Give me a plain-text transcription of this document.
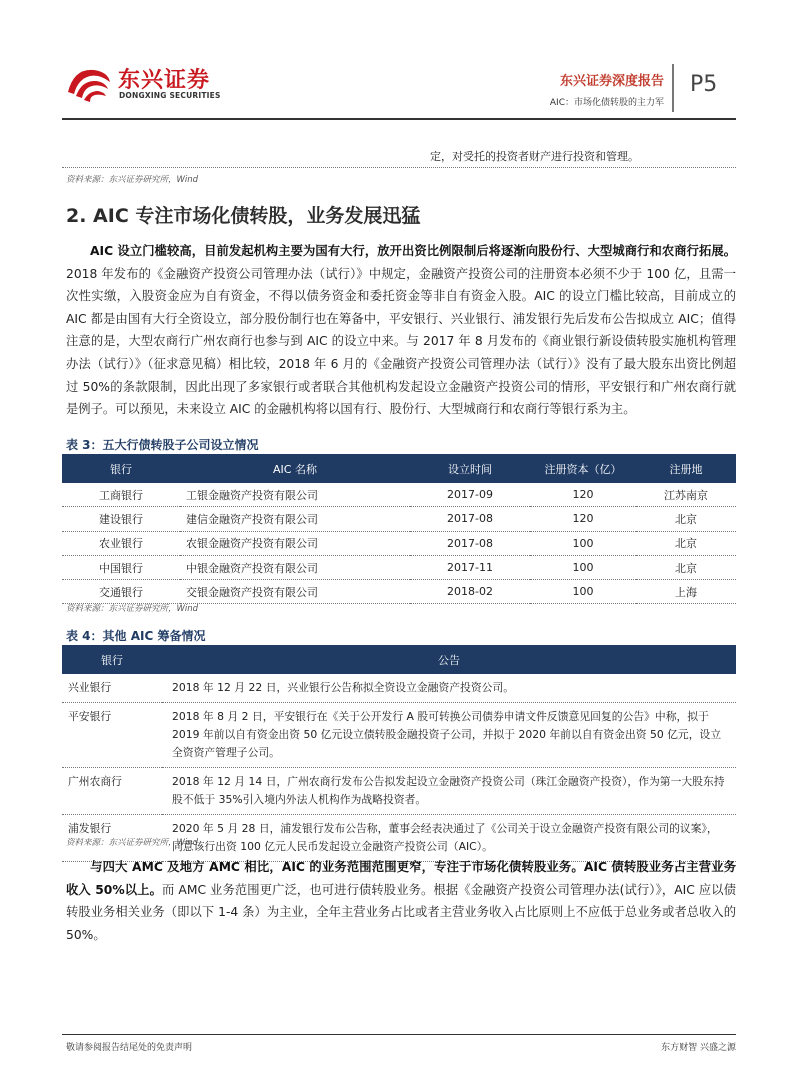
东兴证券
DONGXING SECURITIES
东兴证券深度报告
AIC：市场化债转股的主力军
P5
定，对受托的投资者财产进行投资和管理。
资料来源：东兴证券研究所，Wind
2. AIC 专注市场化债转股，业务发展迅猛
AIC 设立门槛较高，目前发起机构主要为国有大行，放开出资比例限制后将逐渐向股份行、大型城商行和农商行拓展。2018 年发布的《金融资产投资公司管理办法（试行）》中规定，金融资产投资公司的注册资本必须不少于 100 亿，且需一次性实缴，入股资金应为自有资金，不得以债务资金和委托资金等非自有资金入股。AIC 的设立门槛比较高，目前成立的 AIC 都是由国有大行全资设立，部分股份制行也在筹备中，平安银行、兴业银行、浦发银行先后发布公告拟成立 AIC；值得注意的是，大型农商行广州农商行也参与到 AIC 的设立中来。与 2017 年 8 月发布的《商业银行新设债转股实施机构管理办法（试行）》（征求意见稿）相比较，2018 年 6 月的《金融资产投资公司管理办法（试行）》没有了最大股东出资比例超过 50%的条款限制，因此出现了多家银行或者联合其他机构发起设立金融资产投资公司的情形，平安银行和广州农商行就是例子。可以预见，未来设立 AIC 的金融机构将以国有行、股份行、大型城商行和农商行等银行系为主。
表 3：五大行债转股子公司设立情况
银行	AIC 名称	设立时间	注册资本（亿）	注册地
工商银行	工银金融资产投资有限公司	2017-09	120	江苏南京
建设银行	建信金融资产投资有限公司	2017-08	120	北京
农业银行	农银金融资产投资有限公司	2017-08	100	北京
中国银行	中银金融资产投资有限公司	2017-11	100	北京
交通银行	交银金融资产投资有限公司	2018-02	100	上海
资料来源：东兴证券研究所，Wind
表 4：其他 AIC 筹备情况
银行	公告
兴业银行	2018 年 12 月 22 日，兴业银行公告称拟全资设立金融资产投资公司。
平安银行	2018 年 8 月 2 日，平安银行在《关于公开发行 A 股可转换公司债券申请文件反馈意见回复的公告》中称，拟于 2019 年前以自有资金出资 50 亿元设立债转股金融投资子公司，并拟于 2020 年前以自有资金出资 50 亿元，设立全资资产管理子公司。
广州农商行	2018 年 12 月 14 日，广州农商行发布公告拟发起设立金融资产投资公司（珠江金融资产投资），作为第一大股东持股不低于 35%引入境内外法人机构作为战略投资者。
浦发银行	2020 年 5 月 28 日，浦发银行发布公告称，董事会经表决通过了《公司关于设立金融资产投资有限公司的议案》，同意该行出资 100 亿元人民币发起设立金融资产投资公司（AIC）。
资料来源：东兴证券研究所，Wind
与四大 AMC 及地方 AMC 相比，AIC 的业务范围范围更窄，专注于市场化债转股业务。AIC 债转股业务占主营业务收入 50%以上。而 AMC 业务范围更广泛，也可进行债转股业务。根据《金融资产投资公司管理办法(试行）》，AIC 应以债转股业务相关业务（即以下 1-4 条）为主业，全年主营业务占比或者主营业务收入占比原则上不应低于总业务或者总收入的 50%。
敬请参阅报告结尾处的免责声明	东方财智 兴盛之源
